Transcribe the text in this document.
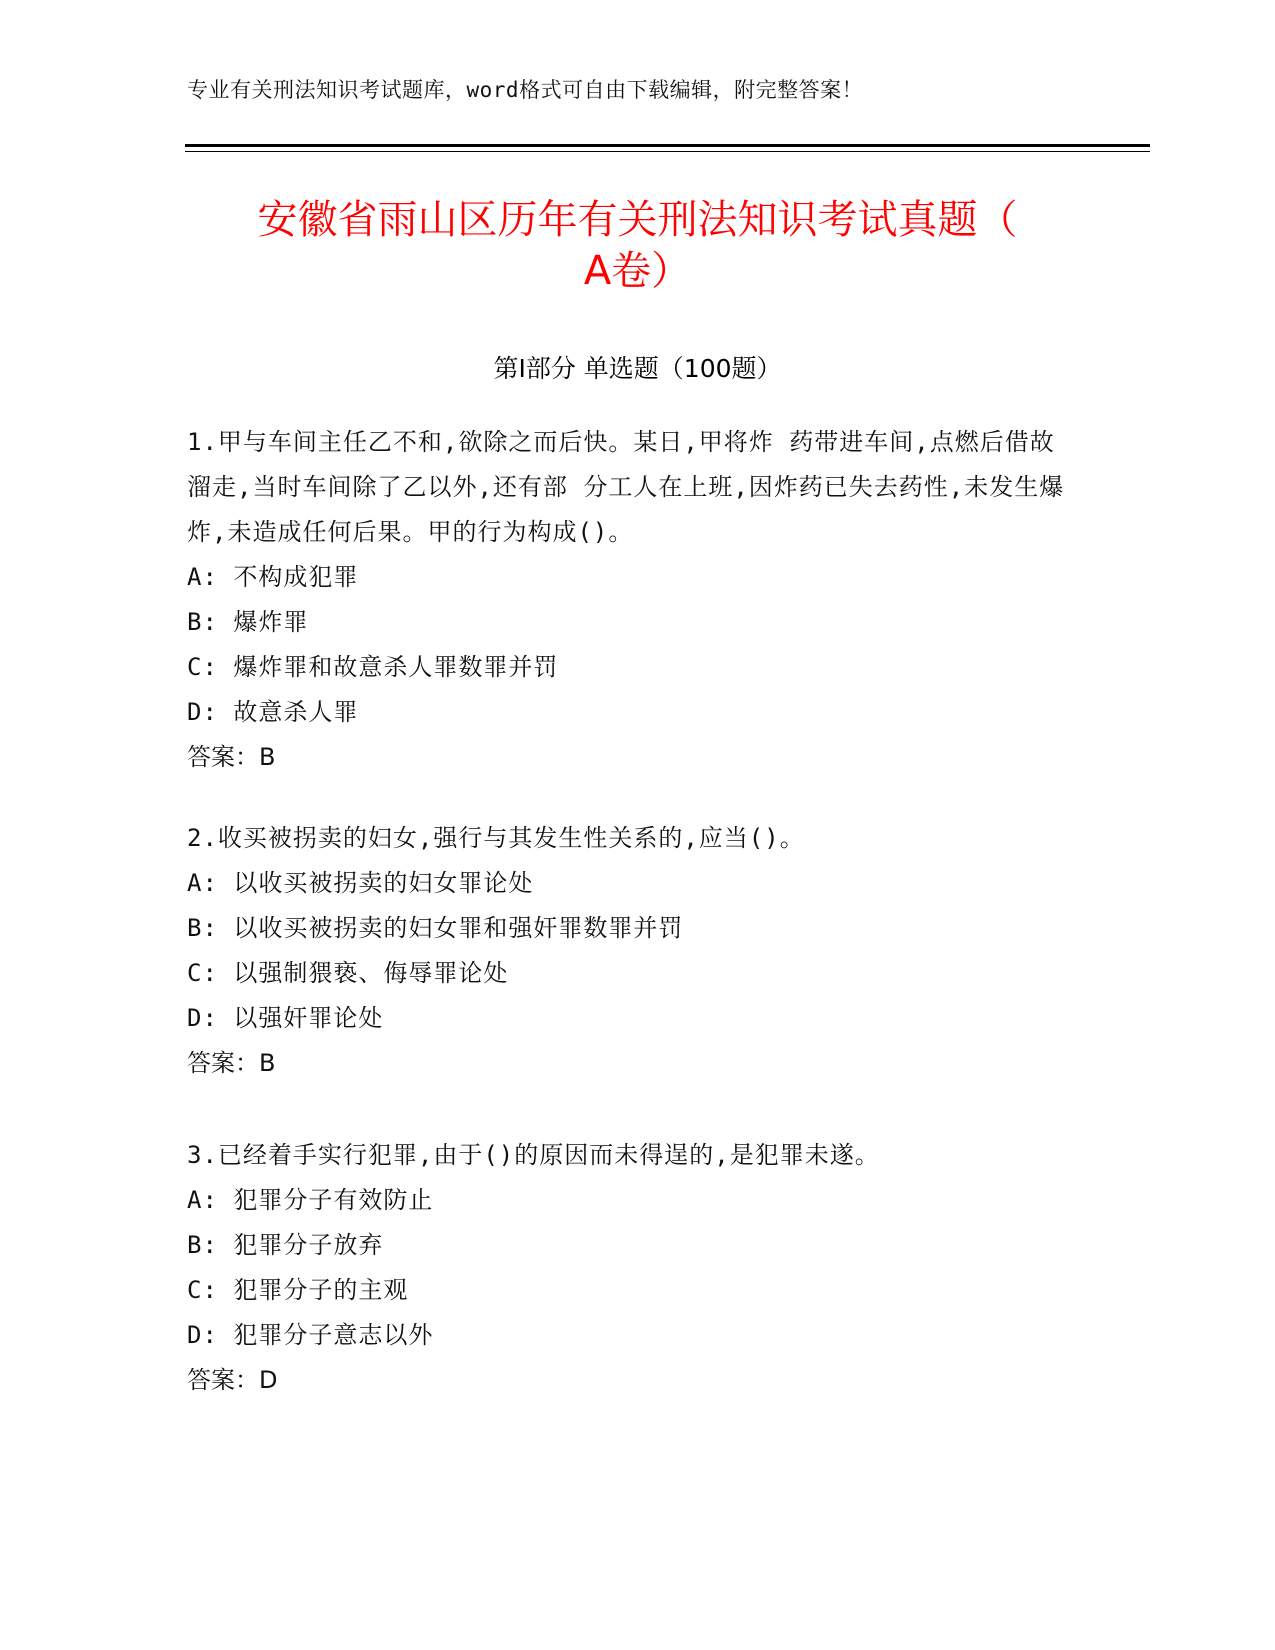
专业有关刑法知识考试题库，word格式可自由下载编辑，附完整答案！
安徽省雨山区历年有关刑法知识考试真题（
A卷）
第Ⅰ部分 单选题（100题）

1.甲与车间主任乙不和,欲除之而后快。某日,甲将炸 药带进车间,点燃后借故溜走,当时车间除了乙以外,还有部 分工人在上班,因炸药已失去药性,未发生爆炸,未造成任何后果。甲的行为构成()。

A: 不构成犯罪

B: 爆炸罪

C: 爆炸罪和故意杀人罪数罪并罚

D: 故意杀人罪

答案：B

2.收买被拐卖的妇女,强行与其发生性关系的,应当()。

A: 以收买被拐卖的妇女罪论处

B: 以收买被拐卖的妇女罪和强奸罪数罪并罚

C: 以强制猥亵、侮辱罪论处

D: 以强奸罪论处

答案：B

3.已经着手实行犯罪,由于()的原因而未得逞的,是犯罪未遂。

A: 犯罪分子有效防止

B: 犯罪分子放弃

C: 犯罪分子的主观

D: 犯罪分子意志以外

答案：D
